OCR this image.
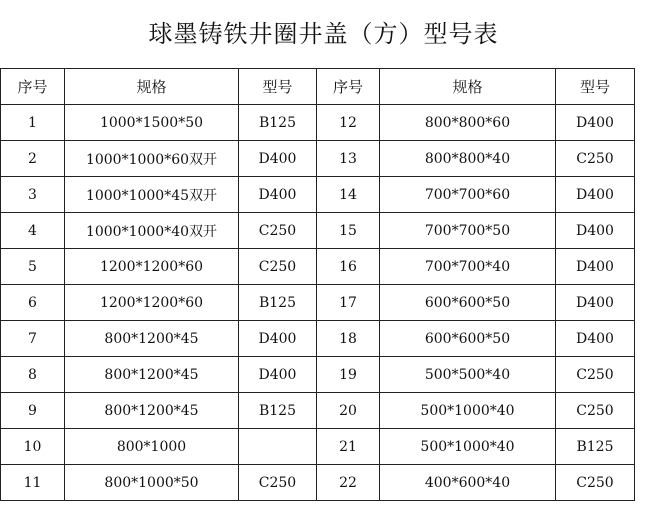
球墨铸铁井圈井盖（方）型号表
序号	规格	型号	序号	规格	型号
1	1000*1500*50	B125	12	800*800*60	D400
2	1000*1000*60双开	D400	13	800*800*40	C250
3	1000*1000*45双开	D400	14	700*700*60	D400
4	1000*1000*40双开	C250	15	700*700*50	D400
5	1200*1200*60	C250	16	700*700*40	D400
6	1200*1200*60	B125	17	600*600*50	D400
7	800*1200*45	D400	18	600*600*50	D400
8	800*1200*45	D400	19	500*500*40	C250
9	800*1200*45	B125	20	500*1000*40	C250
10	800*1000		21	500*1000*40	B125
11	800*1000*50	C250	22	400*600*40	C250
